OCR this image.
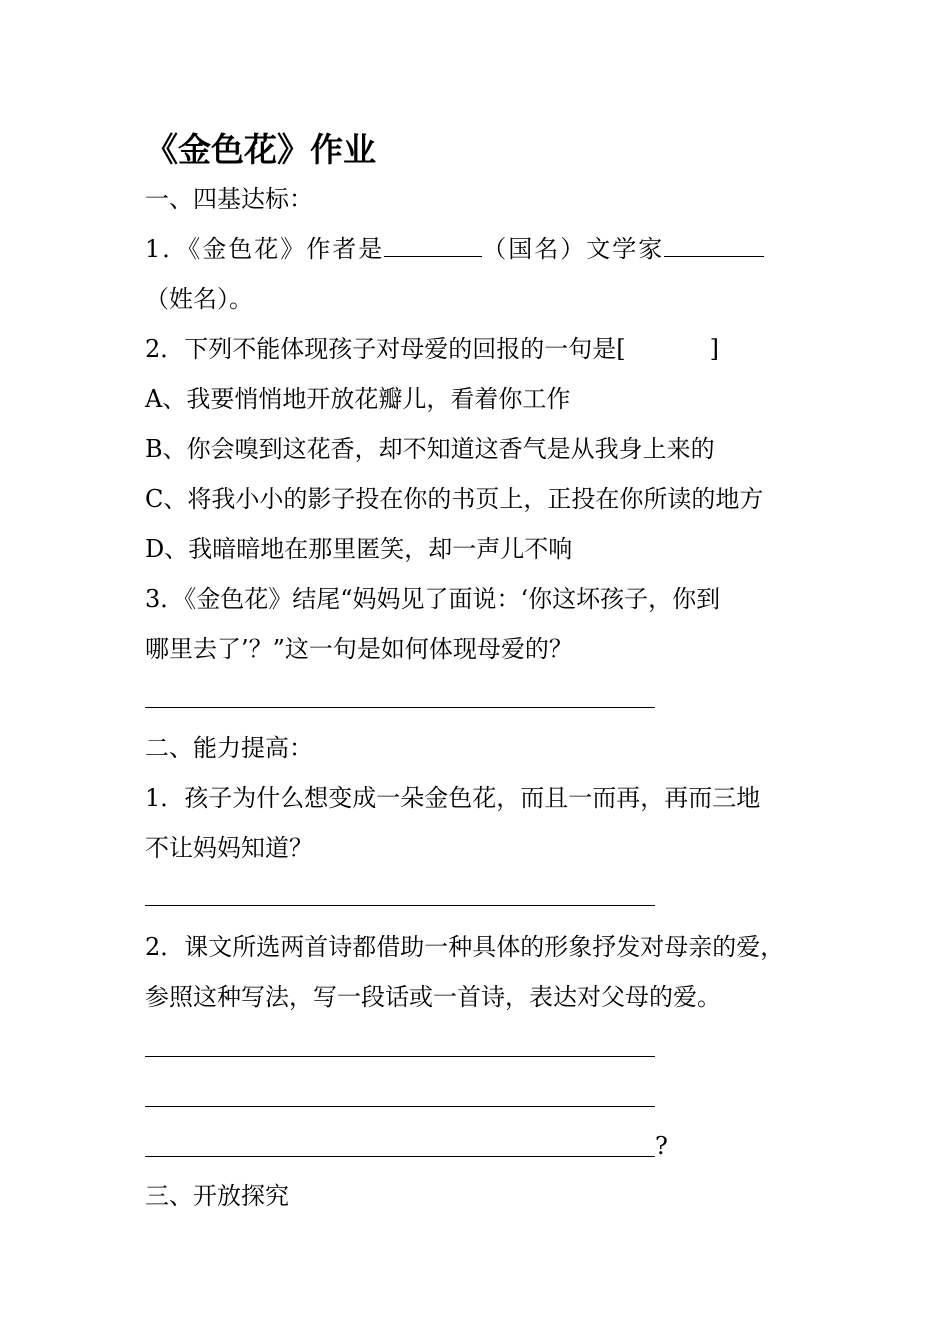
《金色花》作业
一、四基达标：
1．《金色花》作者是	（国名）文学家
（姓名）。
2．下列不能体现孩子对母爱的回报的一句是[	]
A、我要悄悄地开放花瓣儿，看着你工作
B、你会嗅到这花香，却不知道这香气是从我身上来的
C、将我小小的影子投在你的书页上，正投在你所读的地方
D、我暗暗地在那里匿笑，却一声儿不响
3．《金色花》结尾“妈妈见了面说：‘你这坏孩子，你到
哪里去了’？”这一句是如何体现母爱的？
二、能力提高：
1．孩子为什么想变成一朵金色花，而且一而再，再而三地
不让妈妈知道？
2．课文所选两首诗都借助一种具体的形象抒发对母亲的爱，
参照这种写法，写一段话或一首诗，表达对父母的爱。
?
三、开放探究
